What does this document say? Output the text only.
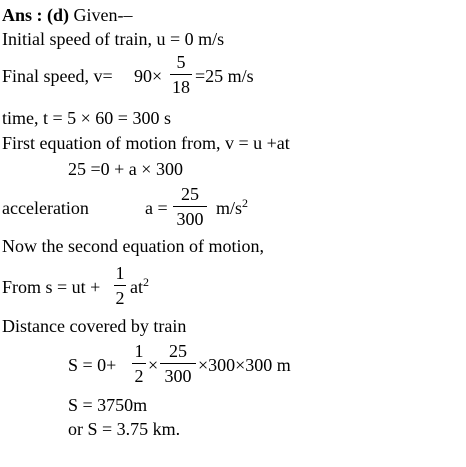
Ans : (d) Given-–
Initial speed of train, u = 0 m/s
Final speed, v= 90×
5
18
=25 m/s
time, t = 5 × 60 = 300 s
First equation of motion from, v = u +at
25 =0 + a × 300
acceleration	a =
25
300
$m/s^2$
Now the second equation of motion,
From s = ut +
1
2
$at^2$
Distance covered by train
S = 0+
1
2
×
25
300
×300×300 m
S = 3750m
or S = 3.75 km.
